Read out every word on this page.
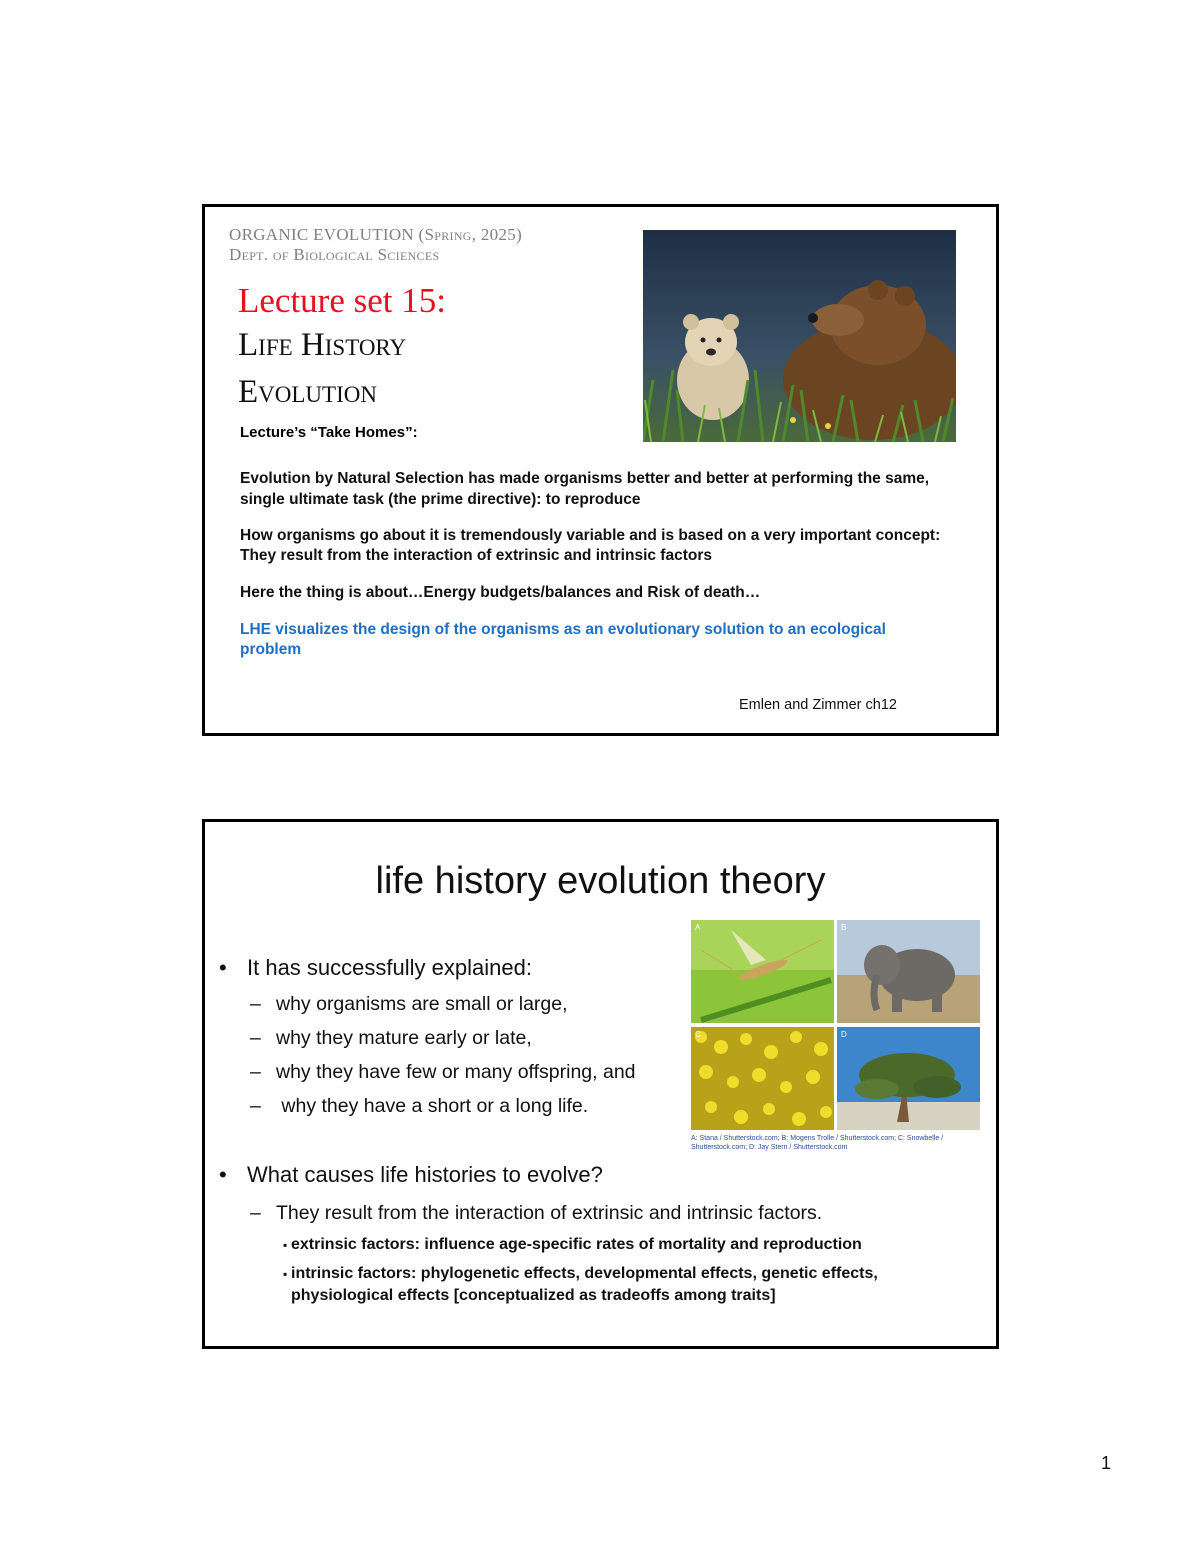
ORGANIC EVOLUTION (Spring, 2025)
Dept. of Biological Sciences
Lecture set 15:
Life History
Evolution
Lecture’s “Take Homes”:
Evolution by Natural Selection has made organisms better and better at performing the same, single ultimate task (the prime directive): to reproduce
How organisms go about it is tremendously variable and is based on a very important concept: They result from the interaction of extrinsic and intrinsic factors
Here the thing is about…Energy budgets/balances and Risk of death…
LHE visualizes the design of the organisms as an evolutionary solution to an ecological problem
Emlen and Zimmer ch12
life history evolution theory
• It has successfully explained:
– why organisms are small or large,
– why they mature early or late,
– why they have few or many offspring, and
– why they have a short or a long life.
• What causes life histories to evolve?
– They result from the interaction of extrinsic and intrinsic factors.
▪ extrinsic factors: influence age-specific rates of mortality and reproduction
▪ intrinsic factors: phylogenetic effects, developmental effects, genetic effects, physiological effects [conceptualized as tradeoffs among traits]
A	B
C	D
A: Stana / Shutterstock.com; B: Mogens Trolle / Shutterstock.com; C: Snowbelle / Shutterstock.com; D: Jay Stern / Shutterstock.com
1
